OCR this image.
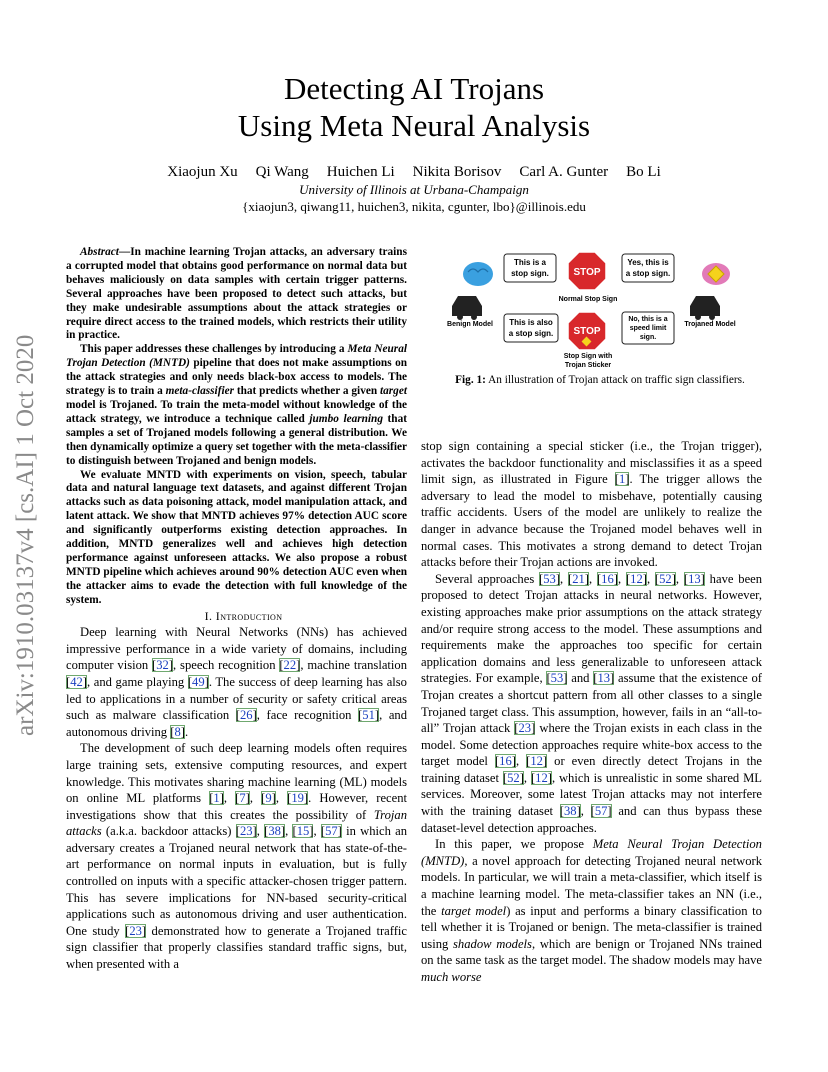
arXiv:1910.03137v4 [cs.AI] 1 Oct 2020
Detecting AI Trojans
Using Meta Neural Analysis
Xiaojun Xu Qi Wang Huichen Li Nikita Borisov Carl A. Gunter Bo Li
University of Illinois at Urbana-Champaign
{xiaojun3, qiwang11, huichen3, nikita, cgunter, lbo}@illinois.edu

Abstract—In machine learning Trojan attacks, an adversary trains a corrupted model that obtains good performance on normal data but behaves maliciously on data samples with certain trigger patterns. Several approaches have been proposed to detect such attacks, but they make undesirable assumptions about the attack strategies or require direct access to the trained models, which restricts their utility in practice.

This paper addresses these challenges by introducing a Meta Neural Trojan Detection (MNTD) pipeline that does not make assumptions on the attack strategies and only needs black-box access to models. The strategy is to train a meta-classifier that predicts whether a given target model is Trojaned. To train the meta-model without knowledge of the attack strategy, we introduce a technique called jumbo learning that samples a set of Trojaned models following a general distribution. We then dynamically optimize a query set together with the meta-classifier to distinguish between Trojaned and benign models.

We evaluate MNTD with experiments on vision, speech, tabular data and natural language text datasets, and against different Trojan attacks such as data poisoning attack, model manipulation attack, and latent attack. We show that MNTD achieves 97% detection AUC score and significantly outperforms existing detection approaches. In addition, MNTD generalizes well and achieves high detection performance against unforeseen attacks. We also propose a robust MNTD pipeline which achieves around 90% detection AUC even when the attacker aims to evade the detection with full knowledge of the system.

I. Introduction

Deep learning with Neural Networks (NNs) has achieved impressive performance in a wide variety of domains, including computer vision [ 32 ] , speech recognition [ 22 ] , machine translation [ 42 ] , and game playing [ 49 ] . The success of deep learning has also led to applications in a number of security or safety critical areas such as malware classification [ 26 ] , face recognition [ 51 ] , and autonomous driving [ 8 ] .

The development of such deep learning models often requires large training sets, extensive computing resources, and expert knowledge. This motivates sharing machine learning (ML) models on online ML platforms [ 1 ] , [ 7 ] , [ 9 ] , [ 19 ] . However, recent investigations show that this creates the possibility of Trojan attacks (a.k.a. backdoor attacks) [ 23 ] , [ 38 ] , [ 15 ] , [ 57 ] in which an adversary creates a Trojaned neural network that has state-of-the-art performance on normal inputs in evaluation, but is fully controlled on inputs with a specific attacker-chosen trigger pattern. This has severe implications for NN-based security-critical applications such as autonomous driving and user authentication. One study [ 23 ] demonstrated how to generate a Trojaned traffic sign classifier that properly classifies standard traffic signs, but, when presented with a

This is a
stop sign.
Yes, this is
a stop sign.
This is also
a stop sign.
No, this is a
speed limit
sign.
STOP
Normal Stop Sign
STOP
Stop Sign with
Trojan Sticker
Benign Model	Trojaned Model
Fig. 1: An illustration of Trojan attack on traffic sign classifiers.

stop sign containing a special sticker (i.e., the Trojan trigger), activates the backdoor functionality and misclassifies it as a speed limit sign, as illustrated in Figure [ 1 ] . The trigger allows the adversary to lead the model to misbehave, potentially causing traffic accidents. Users of the model are unlikely to realize the danger in advance because the Trojaned model behaves well in normal cases. This motivates a strong demand to detect Trojan attacks before their Trojan actions are invoked.

Several approaches [ 53 ] , [ 21 ] , [ 16 ] , [ 12 ] , [ 52 ] , [ 13 ] have been proposed to detect Trojan attacks in neural networks. However, existing approaches make prior assumptions on the attack strategy and/or require strong access to the model. These assumptions and requirements make the approaches too specific for certain application domains and less generalizable to unforeseen attack strategies. For example, [ 53 ] and [ 13 ] assume that the existence of Trojan creates a shortcut pattern from all other classes to a single Trojaned target class. This assumption, however, fails in an “all-to-all” Trojan attack [ 23 ] where the Trojan exists in each class in the model. Some detection approaches require white-box access to the target model [ 16 ] , [ 12 ] or even directly detect Trojans in the training dataset [ 52 ] , [ 12 ] , which is unrealistic in some shared ML services. Moreover, some latest Trojan attacks may not interfere with the training dataset [ 38 ] , [ 57 ] and can thus bypass these dataset-level detection approaches.

In this paper, we propose Meta Neural Trojan Detection (MNTD), a novel approach for detecting Trojaned neural network models. In particular, we will train a meta-classifier, which itself is a machine learning model. The meta-classifier takes an NN (i.e., the target model) as input and performs a binary classification to tell whether it is Trojaned or benign. The meta-classifier is trained using shadow models, which are benign or Trojaned NNs trained on the same task as the target model. The shadow models may have much worse
